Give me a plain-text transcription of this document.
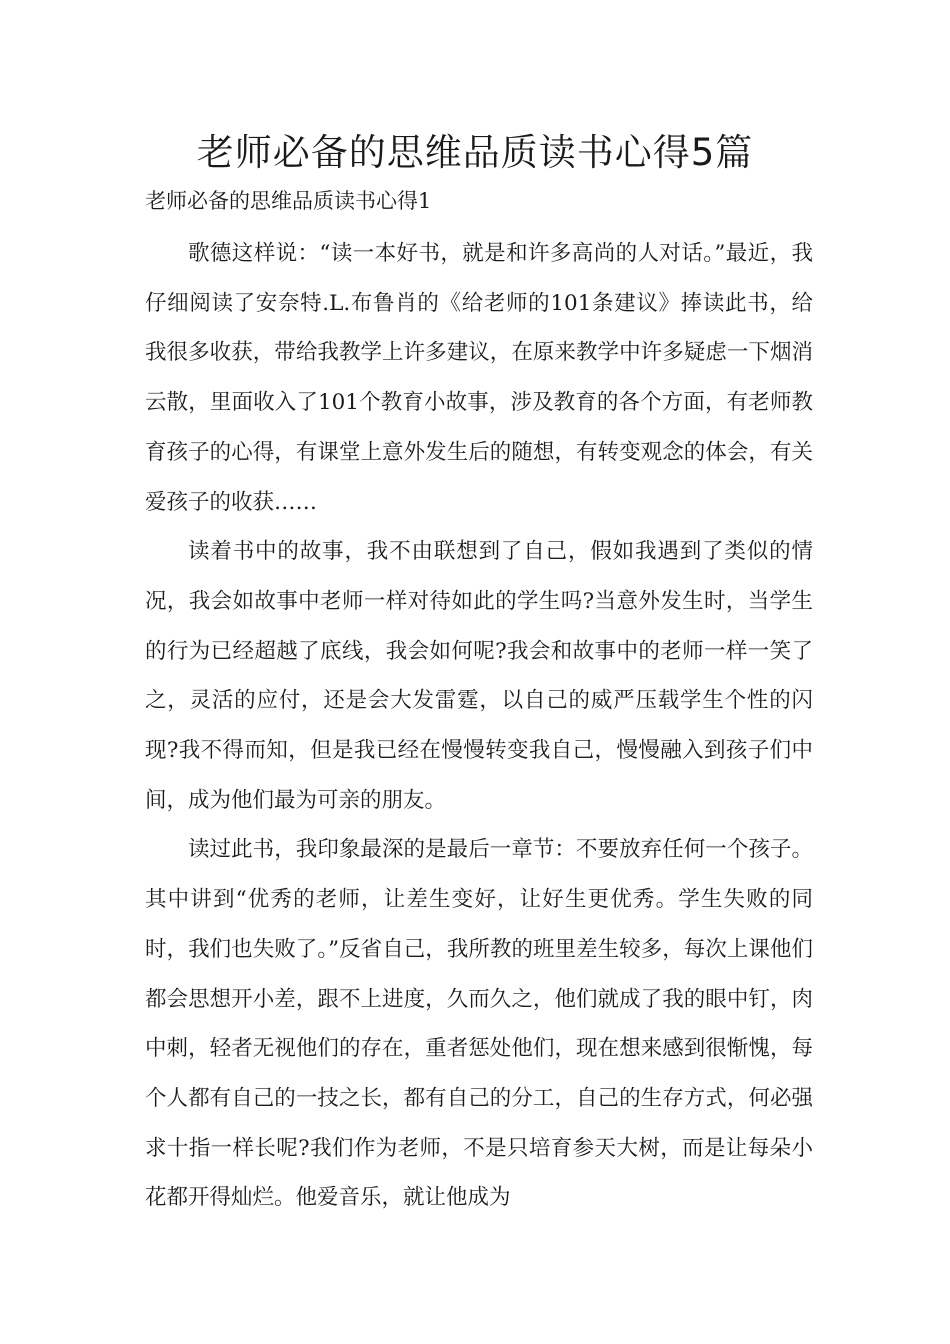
老师必备的思维品质读书心得5篇
老师必备的思维品质读书心得1

歌德这样说：“读一本好书，就是和许多高尚的人对话。”最近，我仔细阅读了安奈特.L.布鲁肖的《给老师的101条建议》捧读此书，给我很多收获，带给我教学上许多建议，在原来教学中许多疑虑一下烟消云散，里面收入了101个教育小故事，涉及教育的各个方面，有老师教育孩子的心得，有课堂上意外发生后的随想，有转变观念的体会，有关爱孩子的收获……

读着书中的故事，我不由联想到了自己，假如我遇到了类似的情况，我会如故事中老师一样对待如此的学生吗?当意外发生时，当学生的行为已经超越了底线，我会如何呢?我会和故事中的老师一样一笑了之，灵活的应付，还是会大发雷霆，以自己的威严压载学生个性的闪现?我不得而知，但是我已经在慢慢转变我自己，慢慢融入到孩子们中间，成为他们最为可亲的朋友。

读过此书，我印象最深的是最后一章节：不要放弃任何一个孩子。其中讲到“优秀的老师，让差生变好，让好生更优秀。学生失败的同时，我们也失败了。”反省自己，我所教的班里差生较多，每次上课他们都会思想开小差，跟不上进度，久而久之，他们就成了我的眼中钉，肉中刺，轻者无视他们的存在，重者惩处他们，现在想来感到很惭愧，每个人都有自己的一技之长，都有自己的分工，自己的生存方式，何必强求十指一样长呢?我们作为老师，不是只培育参天大树，而是让每朵小花都开得灿烂。他爱音乐，就让他成为
